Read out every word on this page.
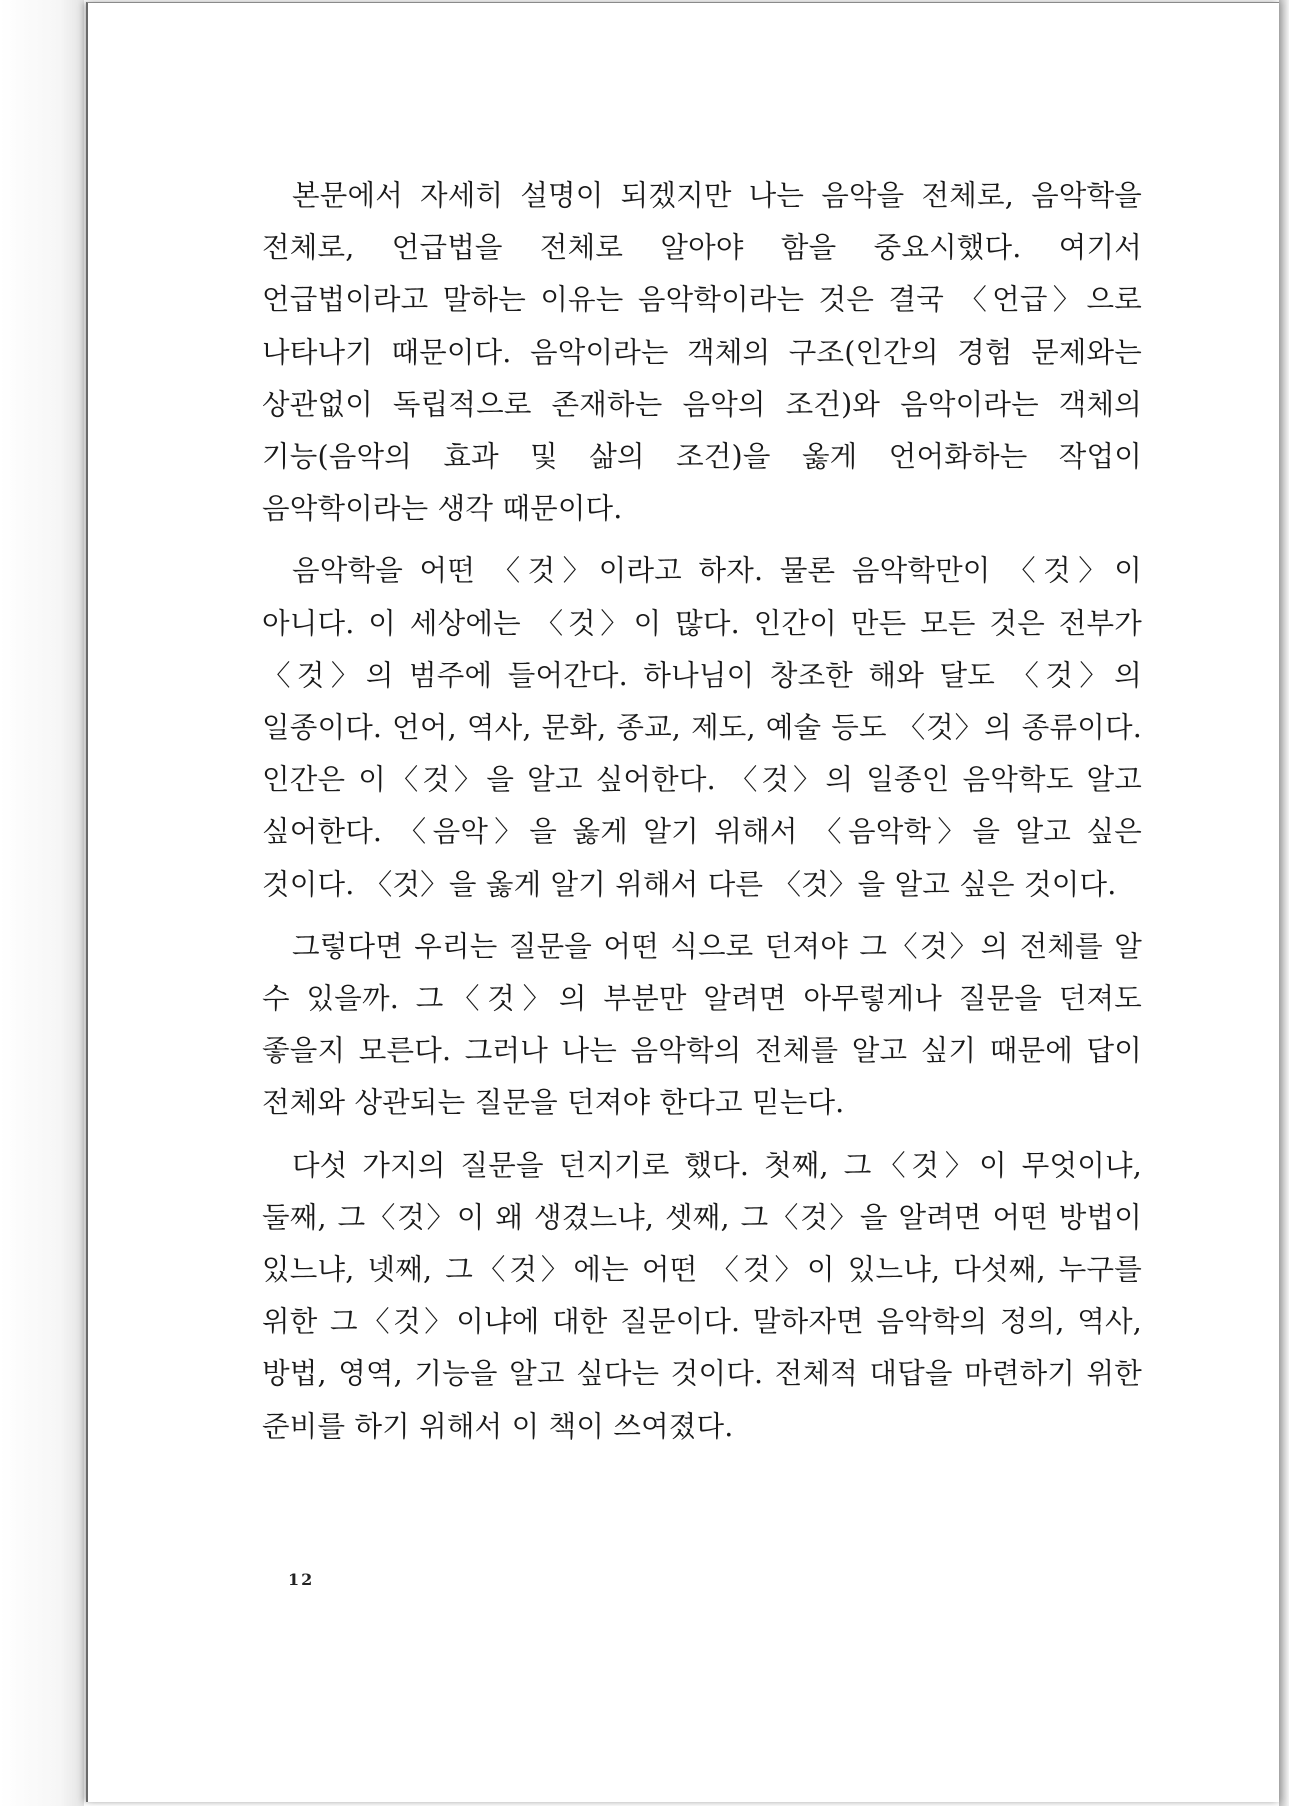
본문에서 자세히 설명이 되겠지만 나는 음악을 전체로, 음악학을 전체로, 언급법을 전체로 알아야 함을 중요시했다. 여기서 언급법이라고 말하는 이유는 음악학이라는 것은 결국 〈언급〉으로 나타나기 때문이다. 음악이라는 객체의 구조(인간의 경험 문제와는 상관없이 독립적으로 존재하는 음악의 조건)와 음악이라는 객체의 기능(음악의 효과 및 삶의 조건)을 옳게 언어화하는 작업이 음악학이라는 생각 때문이다.

음악학을 어떤 〈것〉이라고 하자. 물론 음악학만이 〈것〉이 아니다. 이 세상에는 〈것〉이 많다. 인간이 만든 모든 것은 전부가 〈것〉의 범주에 들어간다. 하나님이 창조한 해와 달도 〈것〉의 일종이다. 언어, 역사, 문화, 종교, 제도, 예술 등도 〈것〉의 종류이다. 인간은 이〈것〉을 알고 싶어한다. 〈것〉의 일종인 음악학도 알고 싶어한다. 〈음악〉을 옳게 알기 위해서 〈음악학〉을 알고 싶은 것이다. 〈것〉을 옳게 알기 위해서 다른 〈것〉을 알고 싶은 것이다.

그렇다면 우리는 질문을 어떤 식으로 던져야 그〈것〉의 전체를 알 수 있을까. 그〈것〉의 부분만 알려면 아무렇게나 질문을 던져도 좋을지 모른다. 그러나 나는 음악학의 전체를 알고 싶기 때문에 답이 전체와 상관되는 질문을 던져야 한다고 믿는다.

다섯 가지의 질문을 던지기로 했다. 첫째, 그〈것〉이 무엇이냐, 둘째, 그〈것〉이 왜 생겼느냐, 셋째, 그〈것〉을 알려면 어떤 방법이 있느냐, 넷째, 그〈것〉에는 어떤 〈것〉이 있느냐, 다섯째, 누구를 위한 그〈것〉이냐에 대한 질문이다. 말하자면 음악학의 정의, 역사, 방법, 영역, 기능을 알고 싶다는 것이다. 전체적 대답을 마련하기 위한 준비를 하기 위해서 이 책이 쓰여졌다.

12
